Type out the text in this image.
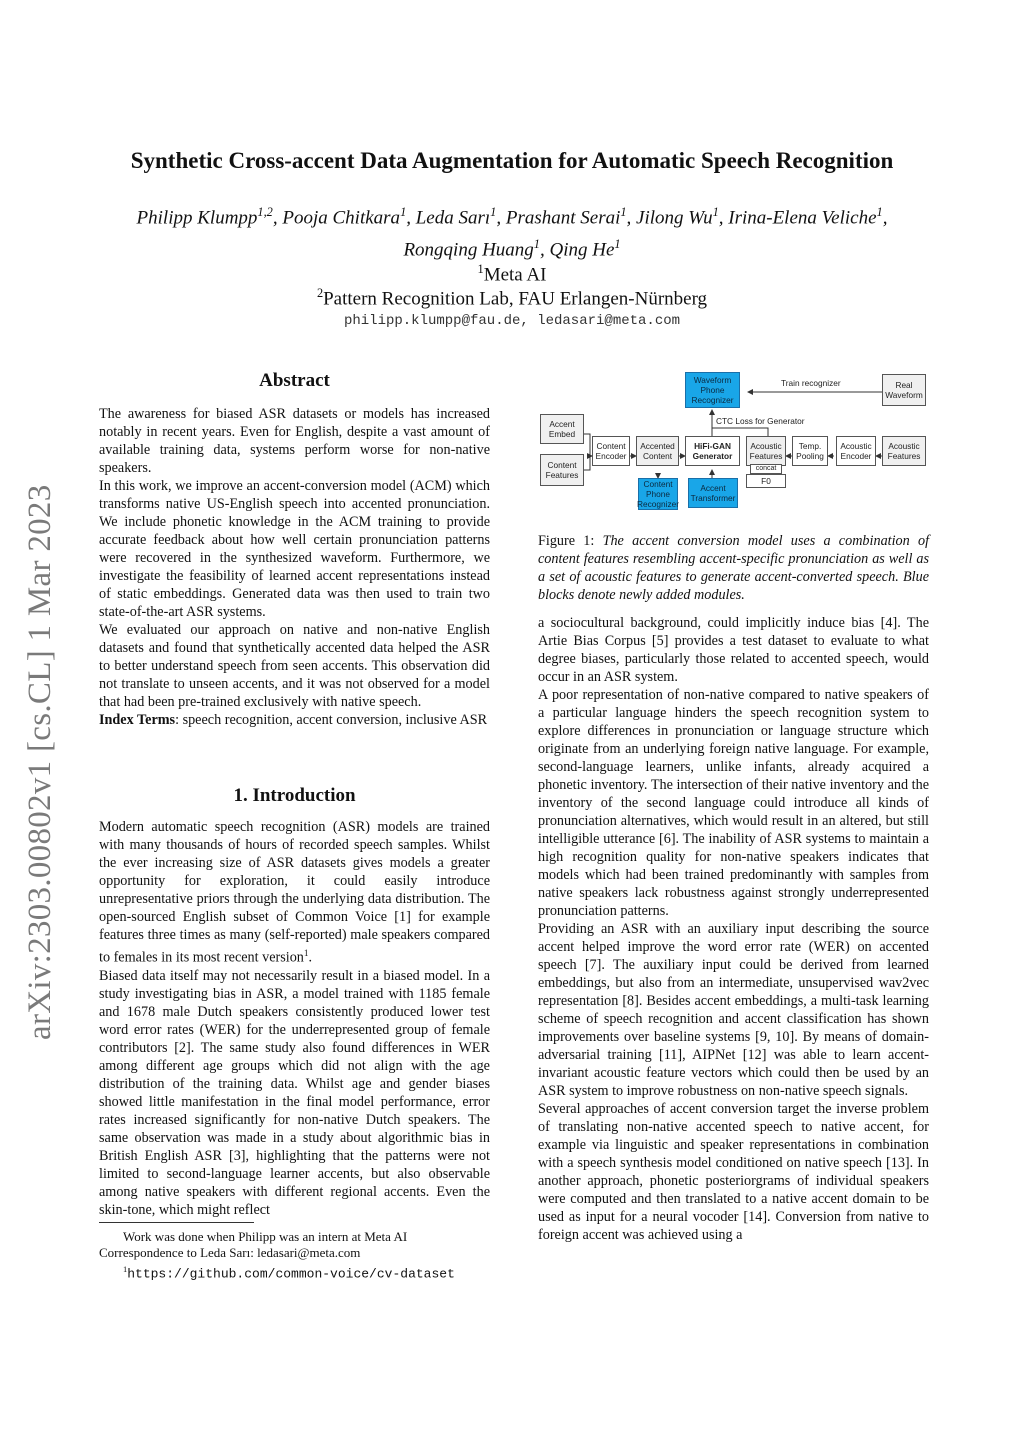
arXiv:2303.00802v1 [cs.CL] 1 Mar 2023
Synthetic Cross-accent Data Augmentation for Automatic Speech Recognition
Philipp Klumpp$^{1,2}$, Pooja Chitkara$^1$, Leda Sarı$^1$, Prashant Serai$^1$, Jilong Wu$^1$, Irina-Elena Veliche$^1$,
Rongqing Huang$^1$, Qing He$^1$
$^1$Meta AI
$^2$Pattern Recognition Lab, FAU Erlangen-Nürnberg
philipp.klumpp@fau.de, ledasari@meta.com
Abstract

The awareness for biased ASR datasets or models has increased notably in recent years. Even for English, despite a vast amount of available training data, systems perform worse for non-native speakers.

In this work, we improve an accent-conversion model (ACM) which transforms native US-English speech into accented pronunciation. We include phonetic knowledge in the ACM training to provide accurate feedback about how well certain pronunciation patterns were recovered in the synthesized waveform. Furthermore, we investigate the feasibility of learned accent representations instead of static embeddings. Generated data was then used to train two state-of-the-art ASR systems.

We evaluated our approach on native and non-native English datasets and found that synthetically accented data helped the ASR to better understand speech from seen accents. This observation did not translate to unseen accents, and it was not observed for a model that had been pre-trained exclusively with native speech.

Index Terms: speech recognition, accent conversion, inclusive ASR

1. Introduction

Modern automatic speech recognition (ASR) models are trained with many thousands of hours of recorded speech samples. Whilst the ever increasing size of ASR datasets gives models a greater opportunity for exploration, it could easily introduce unrepresentative priors through the underlying data distribution. The open-sourced English subset of Common Voice [1] for example features three times as many (self-reported) male speakers compared to females in its most recent version$^1$.

Biased data itself may not necessarily result in a biased model. In a study investigating bias in ASR, a model trained with 1185 female and 1678 male Dutch speakers consistently produced lower test word error rates (WER) for the underrepresented group of female contributors [2]. The same study also found differences in WER among different age groups which did not align with the age distribution of the training data. Whilst age and gender biases showed little manifestation in the final model performance, error rates increased significantly for non-native Dutch speakers. The same observation was made in a study about algorithmic bias in British English ASR [3], highlighting that the patterns were not limited to second-language learner accents, but also observable among native speakers with different regional accents. Even the skin-tone, which might reflect

Work was done when Philipp was an intern at Meta AI

Correspondence to Leda Sarı: ledasari@meta.com

$^1$https://github.com/common-voice/cv-dataset

Train recognizer
CTC Loss for Generator
Accent Embed
Content Features
Content Encoder
Accented Content
HiFi-GAN Generator
Acoustic Features
Temp. Pooling
Acoustic Encoder
Acoustic Features
Waveform Phone Recognizer
Real Waveform
Content Phone Recognizer
Accent Transformer
concat
F0
Figure 1: The accent conversion model uses a combination of content features resembling accent-specific pronunciation as well as a set of acoustic features to generate accent-converted speech. Blue blocks denote newly added modules.

a sociocultural background, could implicitly induce bias [4]. The Artie Bias Corpus [5] provides a test dataset to evaluate to what degree biases, particularly those related to accented speech, would occur in an ASR system.

A poor representation of non-native compared to native speakers of a particular language hinders the speech recognition system to explore differences in pronunciation or language structure which originate from an underlying foreign native language. For example, second-language learners, unlike infants, already acquired a phonetic inventory. The intersection of their native inventory and the inventory of the second language could introduce all kinds of pronunciation alternatives, which would result in an altered, but still intelligible utterance [6]. The inability of ASR systems to maintain a high recognition quality for non-native speakers indicates that models which had been trained predominantly with samples from native speakers lack robustness against strongly underrepresented pronunciation patterns.

Providing an ASR with an auxiliary input describing the source accent helped improve the word error rate (WER) on accented speech [7]. The auxiliary input could be derived from learned embeddings, but also from an intermediate, unsupervised wav2vec representation [8]. Besides accent embeddings, a multi-task learning scheme of speech recognition and accent classification has shown improvements over baseline systems [9, 10]. By means of domain-adversarial training [11], AIPNet [12] was able to learn accent-invariant acoustic feature vectors which could then be used by an ASR system to improve robustness on non-native speech signals.

Several approaches of accent conversion target the inverse problem of translating non-native accented speech to native accent, for example via linguistic and speaker representations in combination with a speech synthesis model conditioned on native speech [13]. In another approach, phonetic posteriorgrams of individual speakers were computed and then translated to a native accent domain to be used as input for a neural vocoder [14]. Conversion from native to foreign accent was achieved using a
